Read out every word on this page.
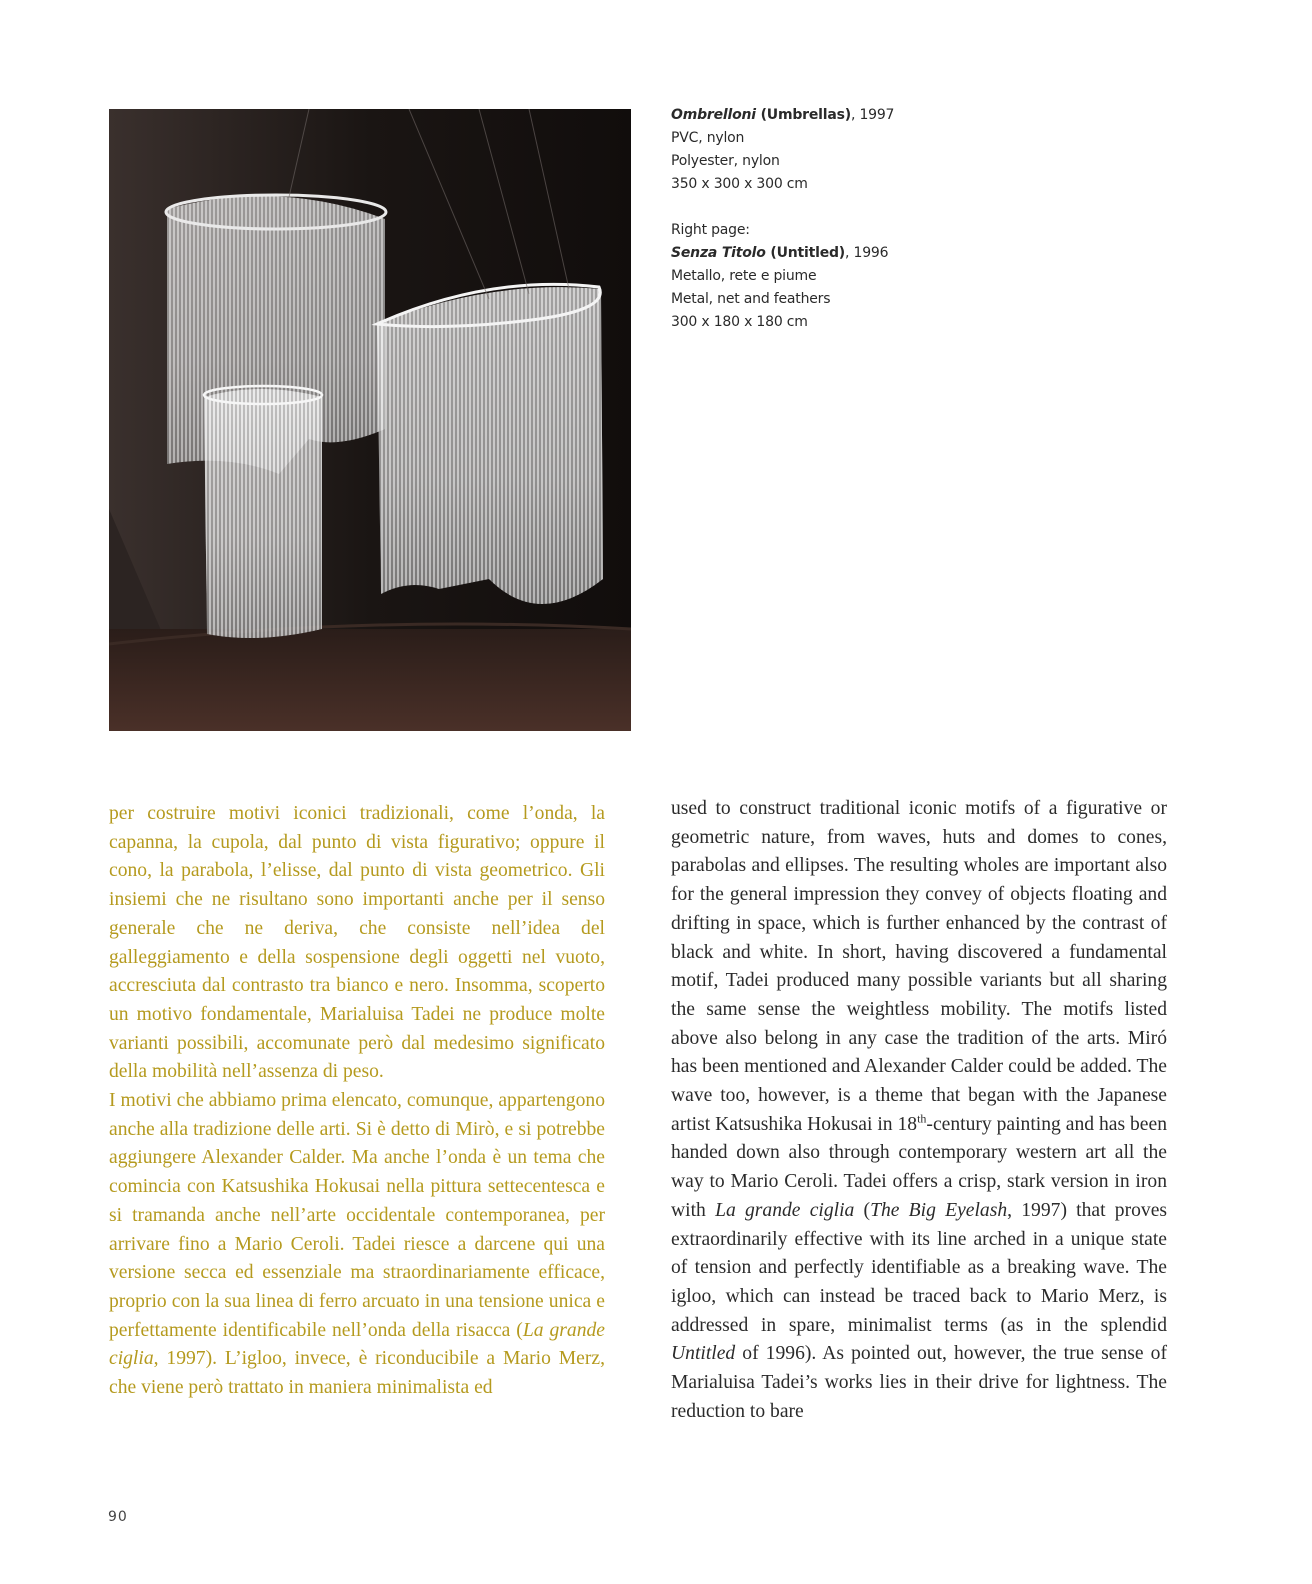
Ombrelloni (Umbrellas), 1997
PVC, nylon
Polyester, nylon
350 x 300 x 300 cm
Right page:
Senza Titolo (Untitled), 1996
Metallo, rete e piume
Metal, net and feathers
300 x 180 x 180 cm

per costruire motivi iconici tradizionali, come l’onda, la capanna, la cupola, dal punto di vista figurativo; oppure il cono, la parabola, l’elisse, dal punto di vista geometrico. Gli insiemi che ne risultano sono importanti anche per il senso generale che ne deriva, che consiste nell’idea del galleggiamento e della sospensione degli oggetti nel vuoto, accresciuta dal contrasto tra bianco e nero. Insomma, scoperto un motivo fondamentale, Marialuisa Tadei ne produce molte varianti possibili, accomunate però dal medesimo significato della mobilità nell’assenza di peso.

I motivi che abbiamo prima elencato, comunque, appartengono anche alla tradizione delle arti. Si è detto di Mirò, e si potrebbe aggiungere Alexander Calder. Ma anche l’onda è un tema che comincia con Katsushika Hokusai nella pittura settecentesca e si tramanda anche nell’arte occidentale contemporanea, per arrivare fino a Mario Ceroli. Tadei riesce a darcene qui una versione secca ed essenziale ma straordinariamente efficace, proprio con la sua linea di ferro arcuato in una tensione unica e perfettamente identificabile nell’onda della risacca (La grande ciglia, 1997). L’igloo, invece, è riconducibile a Mario Merz, che viene però trattato in maniera minimalista ed

used to construct traditional iconic motifs of a figurative or geometric nature, from waves, huts and domes to cones, parabolas and ellipses. The resulting wholes are important also for the general impression they convey of objects floating and drifting in space, which is further enhanced by the contrast of black and white. In short, having discovered a fundamental motif, Tadei produced many possible variants but all sharing the same sense the weightless mobility. The motifs listed above also belong in any case the tradition of the arts. Miró has been mentioned and Alexander Calder could be added. The wave too, however, is a theme that began with the Japanese artist Katsushika Hokusai in 18th-century painting and has been handed down also through contemporary western art all the way to Mario Ceroli. Tadei offers a crisp, stark version in iron with La grande ciglia (The Big Eyelash, 1997) that proves extraordinarily effective with its line arched in a unique state of tension and perfectly identifiable as a breaking wave. The igloo, which can instead be traced back to Mario Merz, is addressed in spare, minimalist terms (as in the splendid Untitled of 1996). As pointed out, however, the true sense of Marialuisa Tadei’s works lies in their drive for lightness. The reduction to bare

90
